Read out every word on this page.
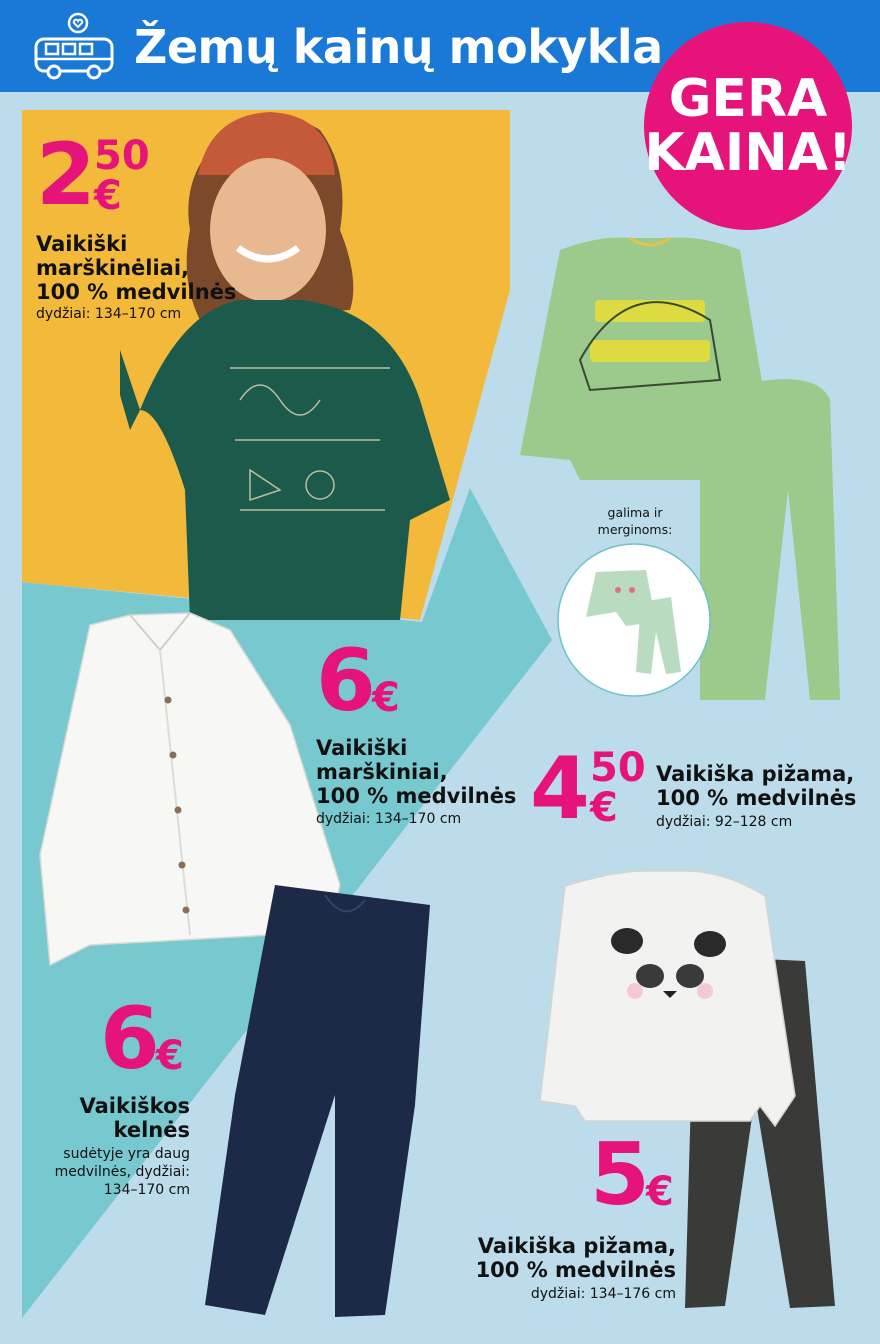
Žemų kainų mokykla
GERA
KAINA!
galima ir
merginoms:
2
50
€
Vaikiški
marškinėliai,
100 % medvilnės
dydžiai: 134–170 cm
6
€
Vaikiški
marškiniai,
100 % medvilnės
dydžiai: 134–170 cm 4 50
€
Vaikiška pižama,
100 % medvilnės
dydžiai: 92–128 cm
6
€
Vaikiškos
kelnės
sudėtyje yra daug
medvilnės, dydžiai:
134–170 cm	5
€
Vaikiška pižama,
100 % medvilnės
dydžiai: 134–176 cm
